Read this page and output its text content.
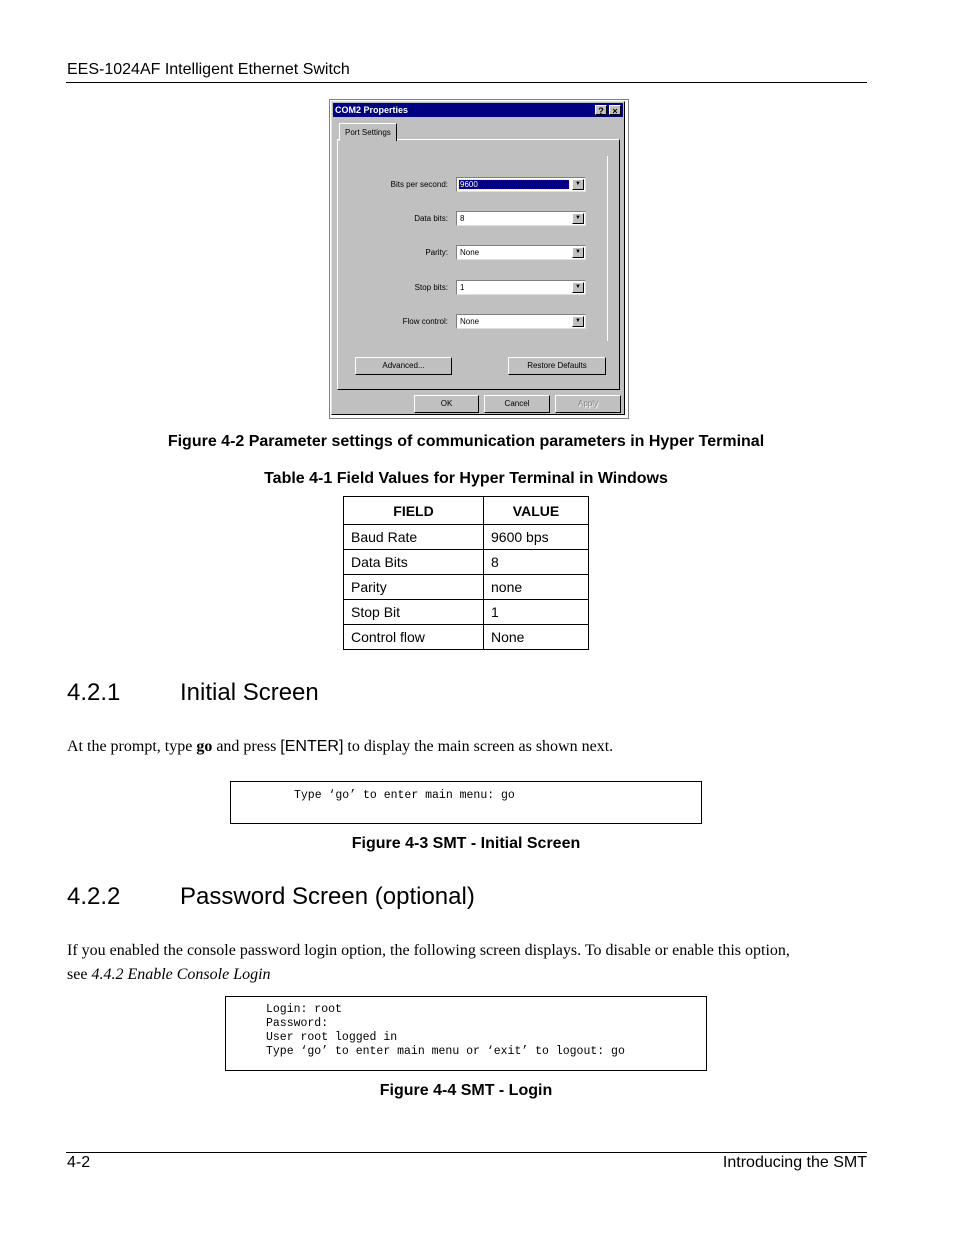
EES-1024AF Intelligent Ethernet Switch
COM2 Properties	? ×
Port Settings
Bits per second: 9600	▼
Data bits: 8	▼
Parity: None	▼
Stop bits: 1	▼
Flow control: None	▼
Advanced...	Restore Defaults
OK	Cancel	Apply
Figure 4-2 Parameter settings of communication parameters in Hyper Terminal
Table 4-1 Field Values for Hyper Terminal in Windows
FIELD	VALUE
Baud Rate	9600 bps
Data Bits	8
Parity	none
Stop Bit	1
Control flow	None
4.2.1 Initial Screen
At the prompt, type go and press [ENTER] to display the main screen as shown next.
Type ‘go’ to enter main menu: go
Figure 4-3 SMT - Initial Screen
4.2.2 Password Screen (optional)
If you enabled the console password login option, the following screen displays. To disable or enable this option,
see 4.4.2 Enable Console Login
Login: root
Password:
User root logged in
Type ‘go’ to enter main menu or ‘exit’ to logout: go
Figure 4-4 SMT - Login
4-2	Introducing the SMT
